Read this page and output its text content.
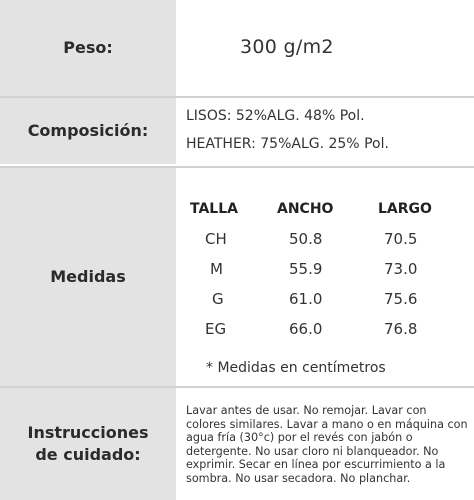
Peso:	300 g/m2
Composición:
LISOS: 52%ALG. 48% Pol.
HEATHER: 75%ALG. 25% Pol.
Medidas
TALLA	ANCHO	LARGO
CH	50.8	70.5
M	55.9	73.0
G	61.0	75.6
EG	66.0	76.8
* Medidas en centímetros
Instrucciones
de cuidado:
Lavar antes de usar. No remojar. Lavar con colores similares. Lavar a mano o en máquina con agua fría (30°c) por el revés con jabón o detergente. No usar cloro ni blanqueador. No exprimir. Secar en línea por escurrimiento a la sombra. No usar secadora. No planchar.
